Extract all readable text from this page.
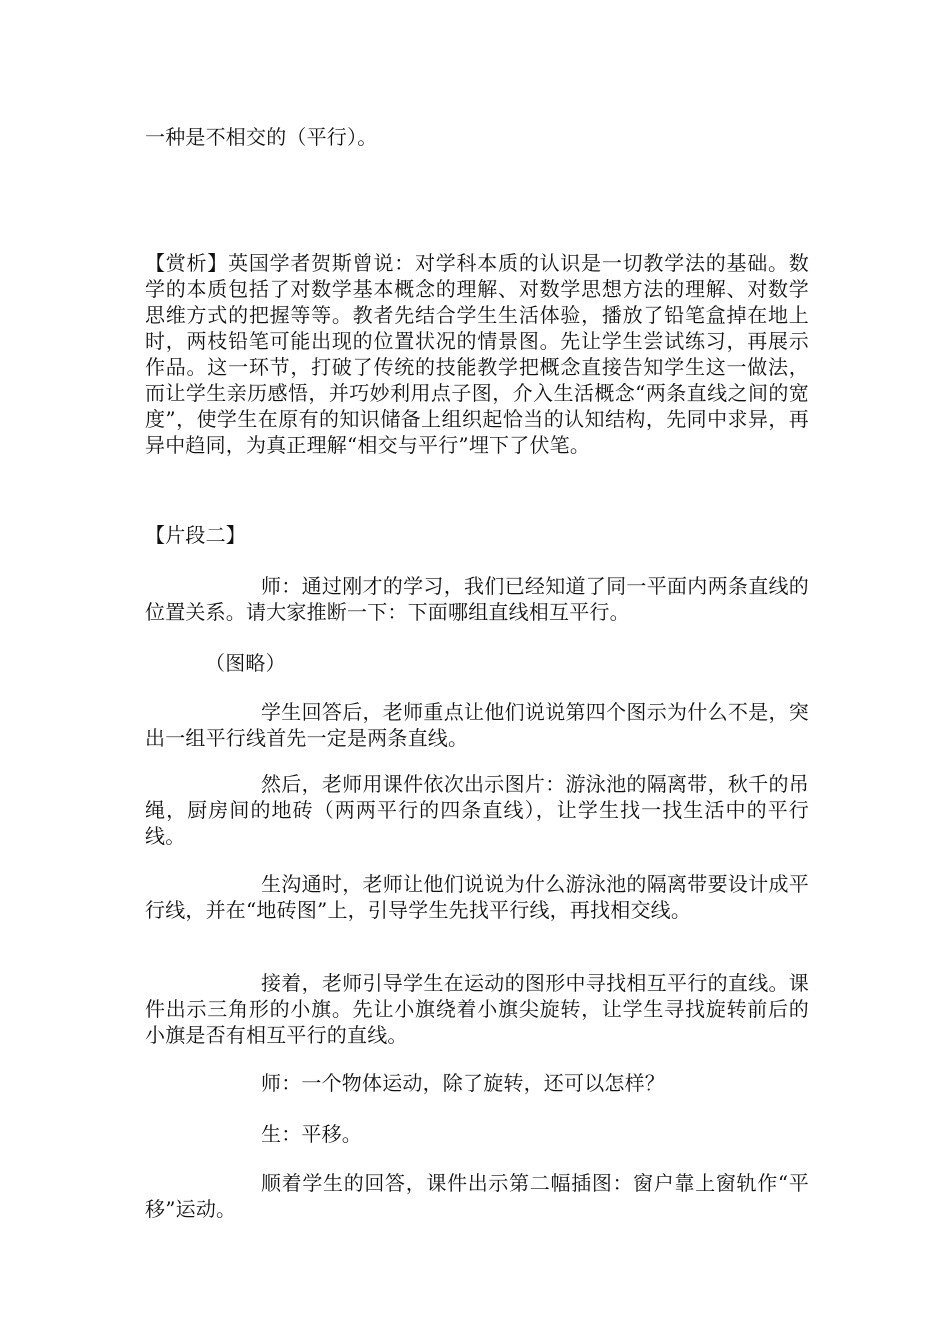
一种是不相交的（平行）。

【赏析】英国学者贺斯曾说：对学科本质的认识是一切教学法的基础。数学的本质包括了对数学基本概念的理解、对数学思想方法的理解、对数学思维方式的把握等等。教者先结合学生生活体验，播放了铅笔盒掉在地上时，两枝铅笔可能出现的位置状况的情景图。先让学生尝试练习，再展示作品。这一环节，打破了传统的技能教学把概念直接告知学生这一做法，而让学生亲历感悟，并巧妙利用点子图，介入生活概念“两条直线之间的宽度”，使学生在原有的知识储备上组织起恰当的认知结构，先同中求异，再异中趋同，为真正理解“相交与平行”埋下了伏笔。

【片段二】

师：通过刚才的学习，我们已经知道了同一平面内两条直线的位置关系。请大家推断一下：下面哪组直线相互平行。

（图略）

学生回答后，老师重点让他们说说第四个图示为什么不是，突出一组平行线首先一定是两条直线。

然后，老师用课件依次出示图片：游泳池的隔离带，秋千的吊绳，厨房间的地砖（两两平行的四条直线），让学生找一找生活中的平行线。

生沟通时，老师让他们说说为什么游泳池的隔离带要设计成平行线，并在“地砖图”上，引导学生先找平行线，再找相交线。

接着，老师引导学生在运动的图形中寻找相互平行的直线。课件出示三角形的小旗。先让小旗绕着小旗尖旋转，让学生寻找旋转前后的小旗是否有相互平行的直线。

师：一个物体运动，除了旋转，还可以怎样？

生：平移。

顺着学生的回答，课件出示第二幅插图：窗户靠上窗轨作“平移”运动。
